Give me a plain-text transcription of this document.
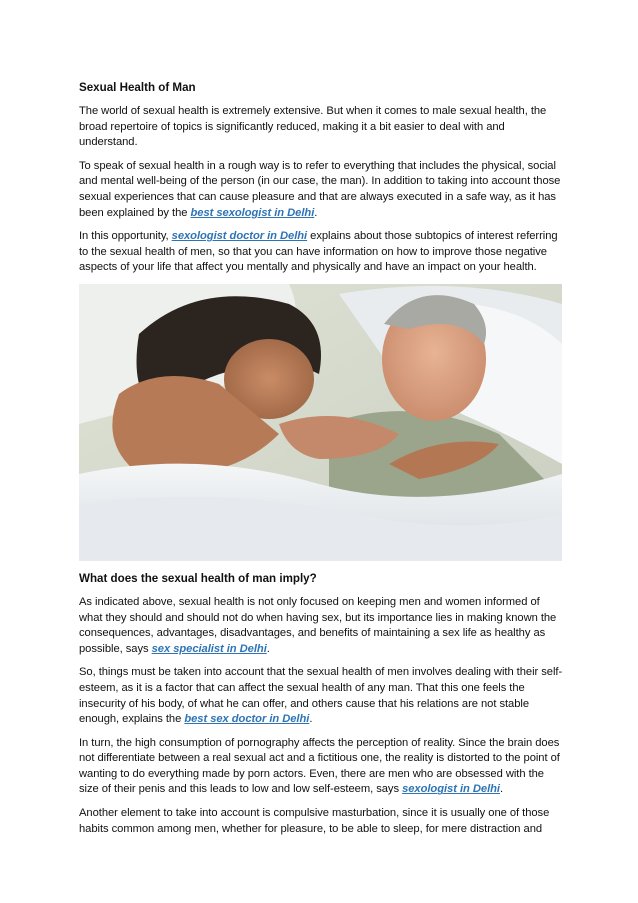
Sexual Health of Man

The world of sexual health is extremely extensive. But when it comes to male sexual health, the broad repertoire of topics is significantly reduced, making it a bit easier to deal with and understand.

To speak of sexual health in a rough way is to refer to everything that includes the physical, social and mental well-being of the person (in our case, the man). In addition to taking into account those sexual experiences that can cause pleasure and that are always executed in a safe way, as it has been explained by the best sexologist in Delhi.

In this opportunity, sexologist doctor in Delhi explains about those subtopics of interest referring to the sexual health of men, so that you can have information on how to improve those negative aspects of your life that affect you mentally and physically and have an impact on your health.

What does the sexual health of man imply?

As indicated above, sexual health is not only focused on keeping men and women informed of what they should and should not do when having sex, but its importance lies in making known the consequences, advantages, disadvantages, and benefits of maintaining a sex life as healthy as possible, says sex specialist in Delhi.

So, things must be taken into account that the sexual health of men involves dealing with their self-esteem, as it is a factor that can affect the sexual health of any man. That this one feels the insecurity of his body, of what he can offer, and others cause that his relations are not stable enough, explains the best sex doctor in Delhi.

In turn, the high consumption of pornography affects the perception of reality. Since the brain does not differentiate between a real sexual act and a fictitious one, the reality is distorted to the point of wanting to do everything made by porn actors. Even, there are men who are obsessed with the size of their penis and this leads to low and low self-esteem, says sexologist in Delhi.

Another element to take into account is compulsive masturbation, since it is usually one of those habits common among men, whether for pleasure, to be able to sleep, for mere distraction and
